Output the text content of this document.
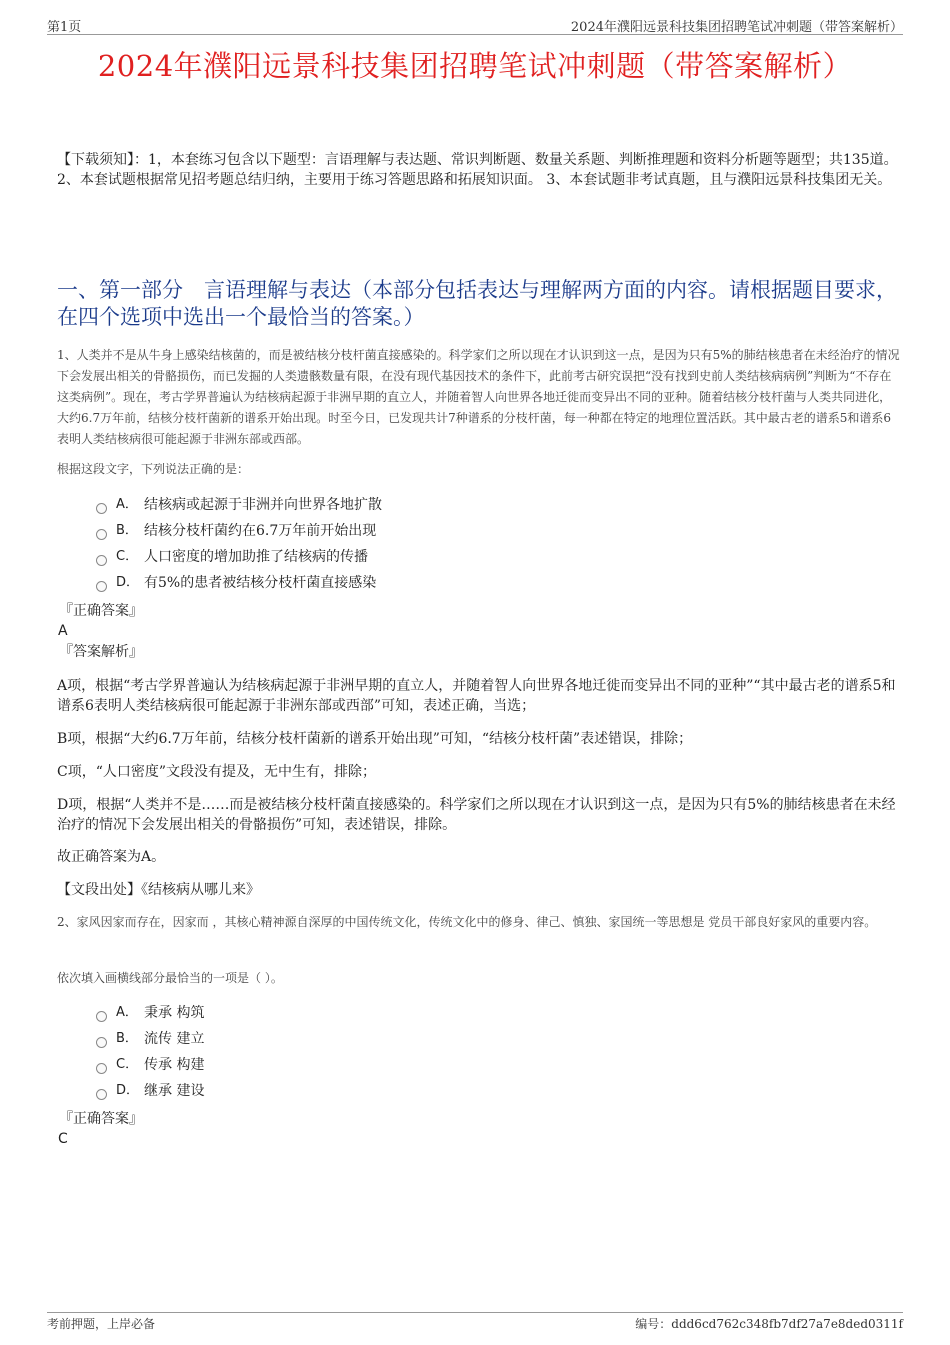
第1页	2024年濮阳远景科技集团招聘笔试冲刺题（带答案解析）
2024年濮阳远景科技集团招聘笔试冲刺题（带答案解析）
【下载须知】：1，本套练习包含以下题型：言语理解与表达题、常识判断题、数量关系题、判断推理题和资料分析题等题型；共135道。 2、本套试题根据常见招考题总结归纳，主要用于练习答题思路和拓展知识面。 3、本套试题非考试真题，且与濮阳远景科技集团无关。
一、第一部分　言语理解与表达（本部分包括表达与理解两方面的内容。请根据题目要求，在四个选项中选出一个最恰当的答案。）
1、人类并不是从牛身上感染结核菌的，而是被结核分枝杆菌直接感染的。科学家们之所以现在才认识到这一点，是因为只有5%的肺结核患者在未经治疗的情况下会发展出相关的骨骼损伤，而已发掘的人类遗骸数量有限，在没有现代基因技术的条件下，此前考古研究误把“没有找到史前人类结核病病例”判断为“不存在这类病例”。现在，考古学界普遍认为结核病起源于非洲早期的直立人，并随着智人向世界各地迁徙而变异出不同的亚种。随着结核分枝杆菌与人类共同进化，大约6.7万年前，结核分枝杆菌新的谱系开始出现。时至今日，已发现共计7种谱系的分枝杆菌，每一种都在特定的地理位置活跃。其中最古老的谱系5和谱系6表明人类结核病很可能起源于非洲东部或西部。
根据这段文字，下列说法正确的是：
A． 结核病或起源于非洲并向世界各地扩散
B． 结核分枝杆菌约在6.7万年前开始出现
C． 人口密度的增加助推了结核病的传播
D． 有5%的患者被结核分枝杆菌直接感染
『正确答案』
A
『答案解析』
A项，根据“考古学界普遍认为结核病起源于非洲早期的直立人，并随着智人向世界各地迁徙而变异出不同的亚种”“其中最古老的谱系5和谱系6表明人类结核病很可能起源于非洲东部或西部”可知，表述正确，当选；
B项，根据“大约6.7万年前，结核分枝杆菌新的谱系开始出现”可知，“结核分枝杆菌”表述错误，排除；
C项，“人口密度”文段没有提及，无中生有，排除；
D项，根据“人类并不是……而是被结核分枝杆菌直接感染的。科学家们之所以现在才认识到这一点，是因为只有5%的肺结核患者在未经治疗的情况下会发展出相关的骨骼损伤”可知，表述错误，排除。
故正确答案为A。
【文段出处】《结核病从哪儿来》
2、家风因家而存在，因家而 ，其核心精神源自深厚的中国传统文化，传统文化中的修身、律己、慎独、家国统一等思想是 党员干部良好家风的重要内容。
依次填入画横线部分最恰当的一项是（ ）。
A． 秉承 构筑
B． 流传 建立
C． 传承 构建
D． 继承 建设
『正确答案』
C
考前押题，上岸必备	编号：ddd6cd762c348fb7df27a7e8ded0311f
